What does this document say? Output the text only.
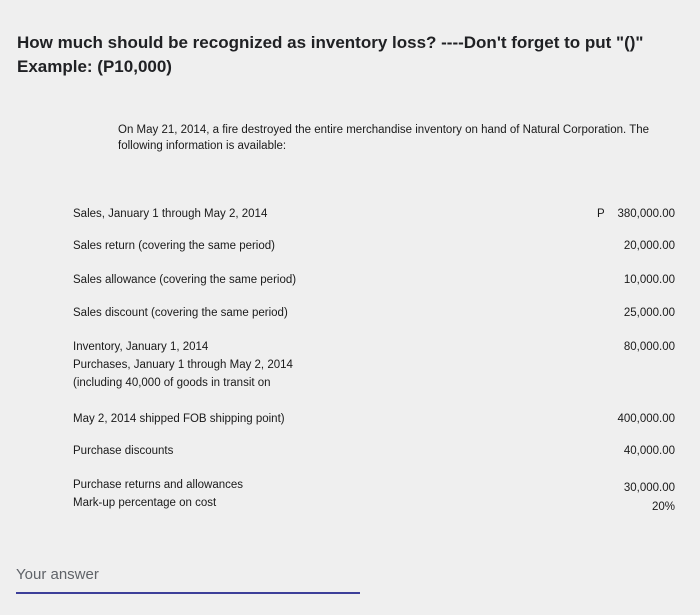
How much should be recognized as inventory loss? ----Don't forget to put "()"
Example: (P10,000)
On May 21, 2014, a fire destroyed the entire merchandise inventory on hand of Natural Corporation. The following information is available:
P
Sales, January 1 through May 2, 2014	380,000.00
Sales return (covering the same period)	20,000.00
Sales allowance (covering the same period)	10,000.00
Sales discount (covering the same period)	25,000.00
Inventory, January 1, 2014	80,000.00
Purchases, January 1 through May 2, 2014
(including 40,000 of goods in transit on
May 2, 2014 shipped FOB shipping point)	400,000.00
Purchase discounts	40,000.00
Purchase returns and allowances	30,000.00
Mark-up percentage on cost	20%
Your answer
